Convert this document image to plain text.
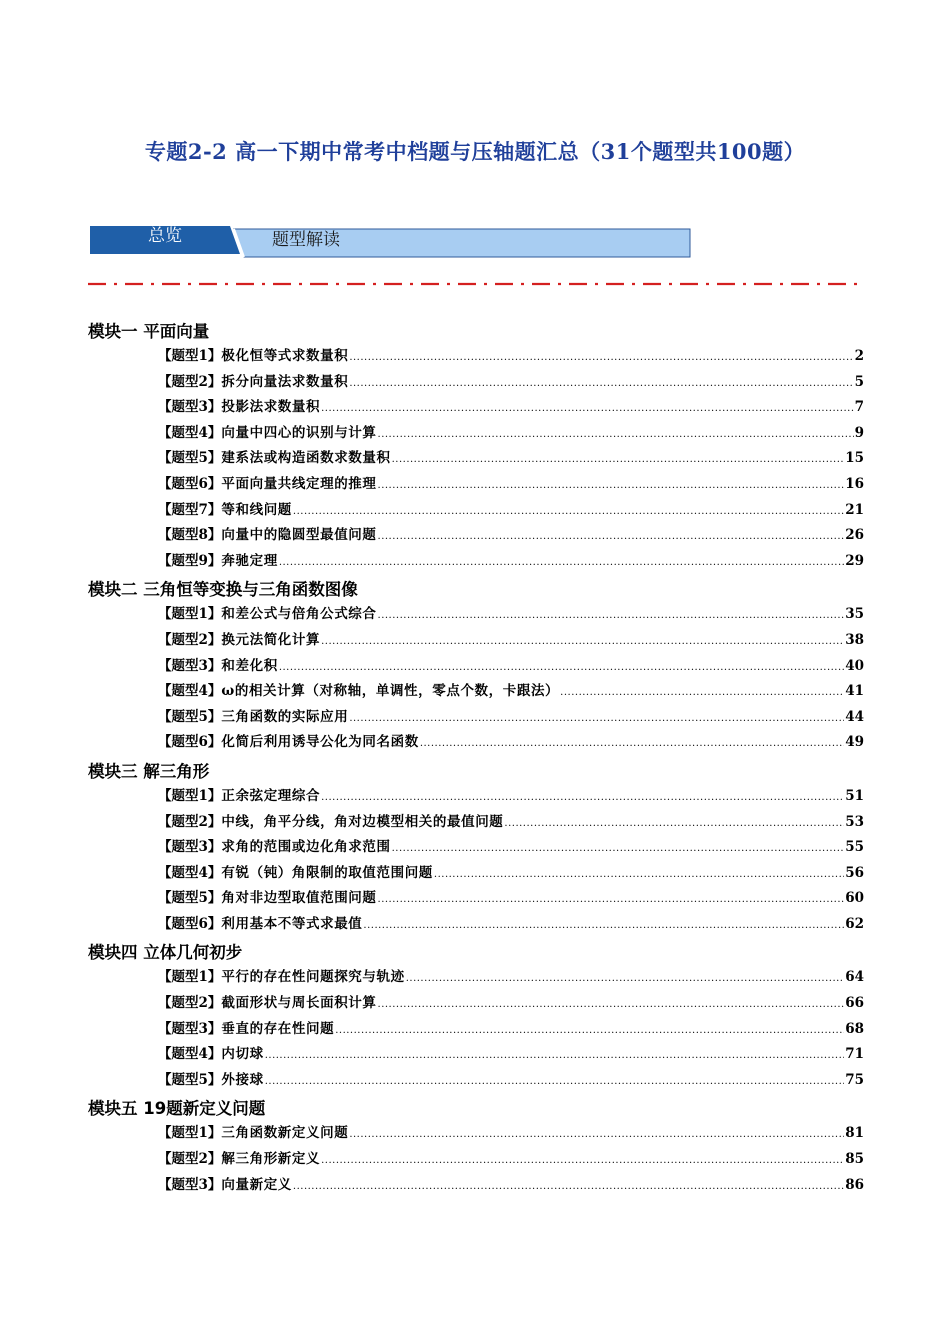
专题2-2 高一下期中常考中档题与压轴题汇总（31个题型共100题）
总览	题型解读
模块一 平面向量
【题型1】 极化恒等式求数量积 .....	2
【题型2】 拆分向量法求数量积 .....	5
【题型3】 投影法求数量积 .....	7
【题型4】 向量中四心的识别与计算 .....	9
【题型5】 建系法或构造函数求数量积 .....	15
【题型6】 平面向量共线定理的推理 .....	16
【题型7】 等和线问题 .....	21
【题型8】 向量中的隐圆型最值问题 .....	26
【题型9】 奔驰定理 .....	29
模块二 三角恒等变换与三角函数图像
【题型1】 和差公式与倍角公式综合 .....	35
【题型2】 换元法简化计算 .....	38
【题型3】 和差化积 .....	40
【题型4】 ω的相关计算（对称轴，单调性，零点个数，卡跟法） .....	41
【题型5】 三角函数的实际应用 .....	44
【题型6】 化简后利用诱导公化为同名函数 .....	49
模块三 解三角形
【题型1】 正余弦定理综合 .....	51
【题型2】 中线，角平分线，角对边模型相关的最值问题 .....	53
【题型3】 求角的范围或边化角求范围 .....	55
【题型4】 有锐（钝）角限制的取值范围问题 .....	56
【题型5】 角对非边型取值范围问题 .....	60
【题型6】 利用基本不等式求最值 .....	62
模块四 立体几何初步
【题型1】 平行的存在性问题探究与轨迹 .....	64
【题型2】 截面形状与周长面积计算 .....	66
【题型3】 垂直的存在性问题 .....	68
【题型4】 内切球 .....	71
【题型5】 外接球 .....	75
模块五 19题新定义问题
【题型1】 三角函数新定义问题 .....	81
【题型2】 解三角形新定义 .....	85
【题型3】 向量新定义 .....	86
